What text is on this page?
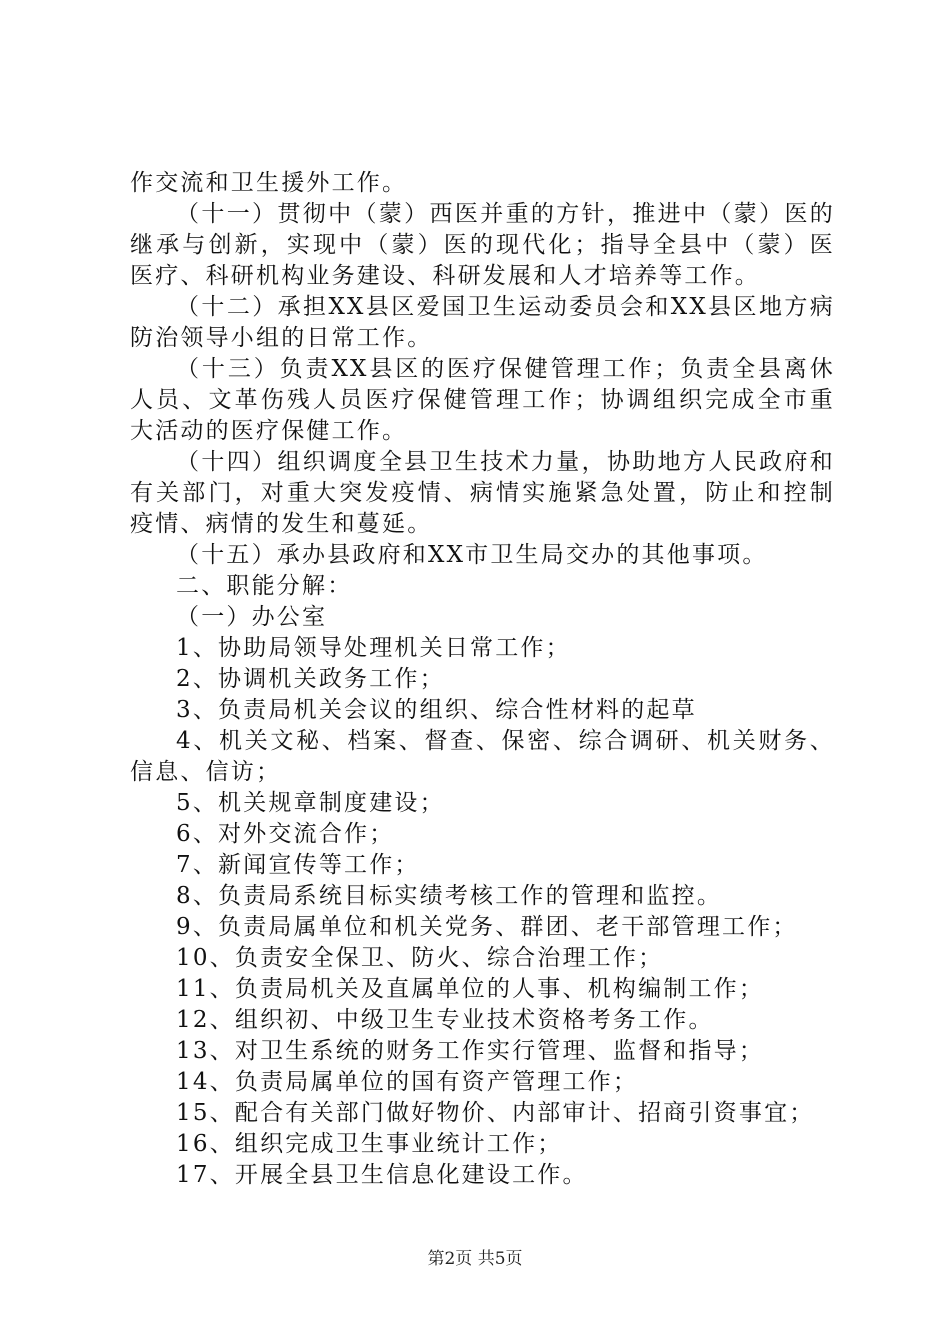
作交流和卫生援外工作。

（十一）贯彻中（蒙）西医并重的方针，推进中（蒙）医的继承与创新，实现中（蒙）医的现代化；指导全县中（蒙）医医疗、科研机构业务建设、科研发展和人才培养等工作。

（十二）承担XX县区爱国卫生运动委员会和XX县区地方病防治领导小组的日常工作。

（十三）负责XX县区的医疗保健管理工作；负责全县离休人员、文革伤残人员医疗保健管理工作；协调组织完成全市重大活动的医疗保健工作。

（十四）组织调度全县卫生技术力量，协助地方人民政府和有关部门，对重大突发疫情、病情实施紧急处置，防止和控制疫情、病情的发生和蔓延。

（十五）承办县政府和XX市卫生局交办的其他事项。

二、职能分解：

（一）办公室

1、协助局领导处理机关日常工作；

2、协调机关政务工作；

3、负责局机关会议的组织、综合性材料的起草

4、机关文秘、档案、督查、保密、综合调研、机关财务、信息、信访；

5、机关规章制度建设；

6、对外交流合作；

7、新闻宣传等工作；

8、负责局系统目标实绩考核工作的管理和监控。

9、负责局属单位和机关党务、群团、老干部管理工作；

10、负责安全保卫、防火、综合治理工作；

11、负责局机关及直属单位的人事、机构编制工作；

12、组织初、中级卫生专业技术资格考务工作。

13、对卫生系统的财务工作实行管理、监督和指导；

14、负责局属单位的国有资产管理工作；

15、配合有关部门做好物价、内部审计、招商引资事宜；

16、组织完成卫生事业统计工作；

17、开展全县卫生信息化建设工作。

第2页 共5页
